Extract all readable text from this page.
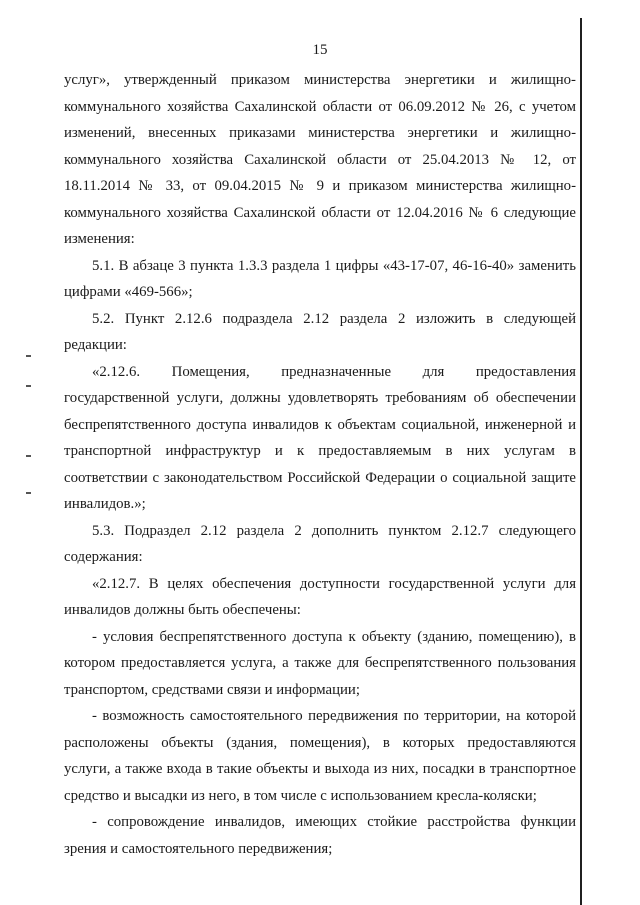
15
услуг», утвержденный приказом министерства энергетики и жилищно-
коммунального хозяйства Сахалинской области от 06.09.2012 № 26, с учетом
изменений, внесенных приказами министерства энергетики и жилищно-
коммунального хозяйства Сахалинской области от 25.04.2013 № 12, от
18.11.2014 № 33, от 09.04.2015 № 9 и приказом министерства жилищно-
коммунального хозяйства Сахалинской области от 12.04.2016 № 6 следующие
изменения:
5.1. В абзаце 3 пункта 1.3.3 раздела 1 цифры «43-17-07, 46-16-40» заменить
цифрами «469-566»;
5.2. Пункт 2.12.6 подраздела 2.12 раздела 2 изложить в следующей
редакции:
«2.12.6. Помещения, предназначенные для предоставления
государственной услуги, должны удовлетворять требованиям об обеспечении
беспрепятственного доступа инвалидов к объектам социальной, инженерной и
транспортной инфраструктур и к предоставляемым в них услугам в
соответствии с законодательством Российской Федерации о социальной защите
инвалидов.»;
5.3. Подраздел 2.12 раздела 2 дополнить пунктом 2.12.7 следующего
содержания:
«2.12.7. В целях обеспечения доступности государственной услуги для
инвалидов должны быть обеспечены:
- условия беспрепятственного доступа к объекту (зданию, помещению), в
котором предоставляется услуга, а также для беспрепятственного пользования
транспортом, средствами связи и информации;
- возможность самостоятельного передвижения по территории, на которой
расположены объекты (здания, помещения), в которых предоставляются
услуги, а также входа в такие объекты и выхода из них, посадки в транспортное
средство и высадки из него, в том числе с использованием кресла-коляски;
- сопровождение инвалидов, имеющих стойкие расстройства функции
зрения и самостоятельного передвижения;
